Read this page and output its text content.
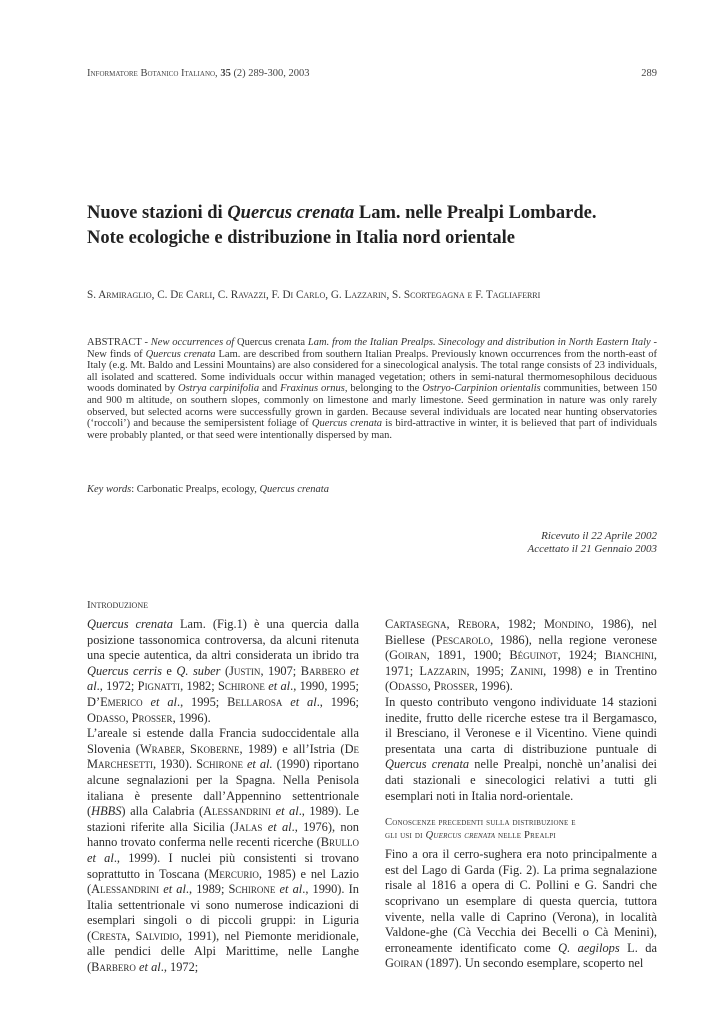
Informatore Botanico Italiano, 35 (2) 289-300, 2003	289
Nuove stazioni di Quercus crenata Lam. nelle Prealpi Lombarde.
Note ecologiche e distribuzione in Italia nord orientale
S. Armiraglio, C. De Carli, C. Ravazzi, F. Di Carlo, G. Lazzarin, S. Scortegagna e F. Tagliaferri
ABSTRACT - New occurrences of Quercus crenata Lam. from the Italian Prealps. Sinecology and distribution in North Eastern Italy - New finds of Quercus crenata Lam. are described from southern Italian Prealps. Previously known occurrences from the north-east of Italy (e.g. Mt. Baldo and Lessini Mountains) are also considered for a sinecological analysis. The total range consists of 23 individuals, all isolated and scattered. Some individuals occur within managed vegetation; others in semi-natural thermomesophilous deciduous woods dominated by Ostrya carpinifolia and Fraxinus ornus, belonging to the Ostryo-Carpinion orientalis communities, between 150 and 900 m altitude, on southern slopes, commonly on limestone and marly limestone. Seed germination in nature was only rarely observed, but selected acorns were successfully grown in garden. Because several individuals are located near hunting observatories (‘roccoli’) and because the semipersistent foliage of Quercus crenata is bird-attractive in winter, it is believed that part of individuals were probably planted, or that seed were intentionally dispersed by man.
Key words: Carbonatic Prealps, ecology, Quercus crenata
Ricevuto il 22 Aprile 2002
Accettato il 21 Gennaio 2003
Introduzione

Quercus crenata Lam. (Fig.1) è una quercia dalla posizione tassonomica controversa, da alcuni ritenuta una specie autentica, da altri considerata un ibrido tra Quercus cerris e Q. suber (Justin, 1907; Barbero et al., 1972; Pignatti, 1982; Schirone et al., 1990, 1995; D’Emerico et al., 1995; Bellarosa et al., 1996; Odasso, Prosser, 1996).

L’areale si estende dalla Francia sudoccidentale alla Slovenia (Wraber, Skoberne, 1989) e all’Istria (De Marchesetti, 1930). Schirone et al. (1990) riportano alcune segnalazioni per la Spagna. Nella Penisola italiana è presente dall’Appennino settentrionale (HBBS) alla Calabria (Alessandrini et al., 1989). Le stazioni riferite alla Sicilia (Jalas et al., 1976), non hanno trovato conferma nelle recenti ricerche (Brullo et al., 1999). I nuclei più consistenti si trovano soprattutto in Toscana (Mercurio, 1985) e nel Lazio (Alessandrini et al., 1989; Schirone et al., 1990). In Italia settentrionale vi sono numerose indicazioni di esemplari singoli o di piccoli gruppi: in Liguria (Cresta, Salvidio, 1991), nel Piemonte meridionale, alle pendici delle Alpi Marittime, nelle Langhe (Barbero et al., 1972;

Cartasegna, Rebora, 1982; Mondino, 1986), nel Biellese (Pescarolo, 1986), nella regione veronese (Goiran, 1891, 1900; Béguinot, 1924; Bianchini, 1971; Lazzarin, 1995; Zanini, 1998) e in Trentino (Odasso, Prosser, 1996).

In questo contributo vengono individuate 14 stazioni inedite, frutto delle ricerche estese tra il Bergamasco, il Bresciano, il Veronese e il Vicentino. Viene quindi presentata una carta di distribuzione puntuale di Quercus crenata nelle Prealpi, nonchè un’analisi dei dati stazionali e sinecologici relativi a tutti gli esemplari noti in Italia nord-orientale.

Conoscenze precedenti sulla distribuzione e
gli usi di Quercus crenata nelle Prealpi

Fino a ora il cerro-sughera era noto principalmente a est del Lago di Garda (Fig. 2). La prima segnalazione risale al 1816 a opera di C. Pollini e G. Sandri che scoprivano un esemplare di questa quercia, tuttora vivente, nella valle di Caprino (Verona), in località Valdone-ghe (Cà Vecchia dei Becelli o Cà Menini), erroneamente identificato come Q. aegilops L. da Goiran (1897). Un secondo esemplare, scoperto nel
